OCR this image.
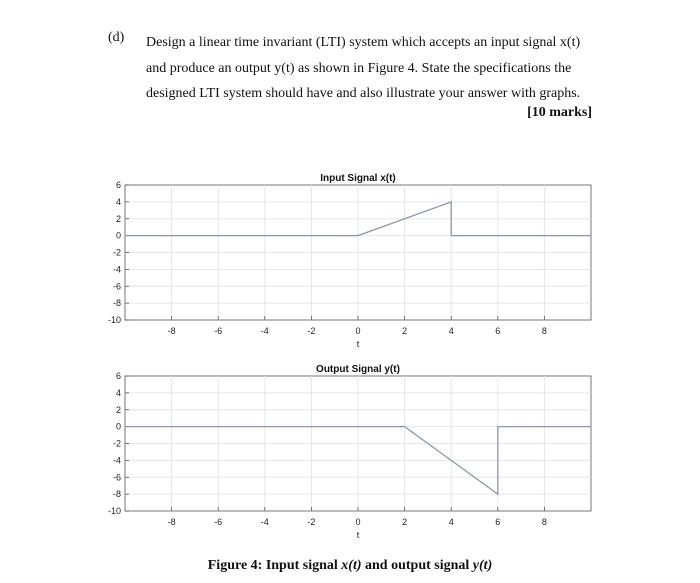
(d) Design a linear time invariant (LTI) system which accepts an input signal x(t)
and produce an output y(t) as shown in Figure 4. State the specifications the
designed LTI system should have and also illustrate your answer with graphs.
[10 marks]
-8	-6	-4	-2	0	2	4	6	8
6
4
2
0
-2
-4
-6
-8
-10
Input Signal x(t)
t
-8	-6	-4	-2	0	2	4	6	8
6
4
2
0
-2
-4
-6
-8
-10
Output Signal y(t)
t
Figure 4: Input signal x(t) and output signal y(t)
